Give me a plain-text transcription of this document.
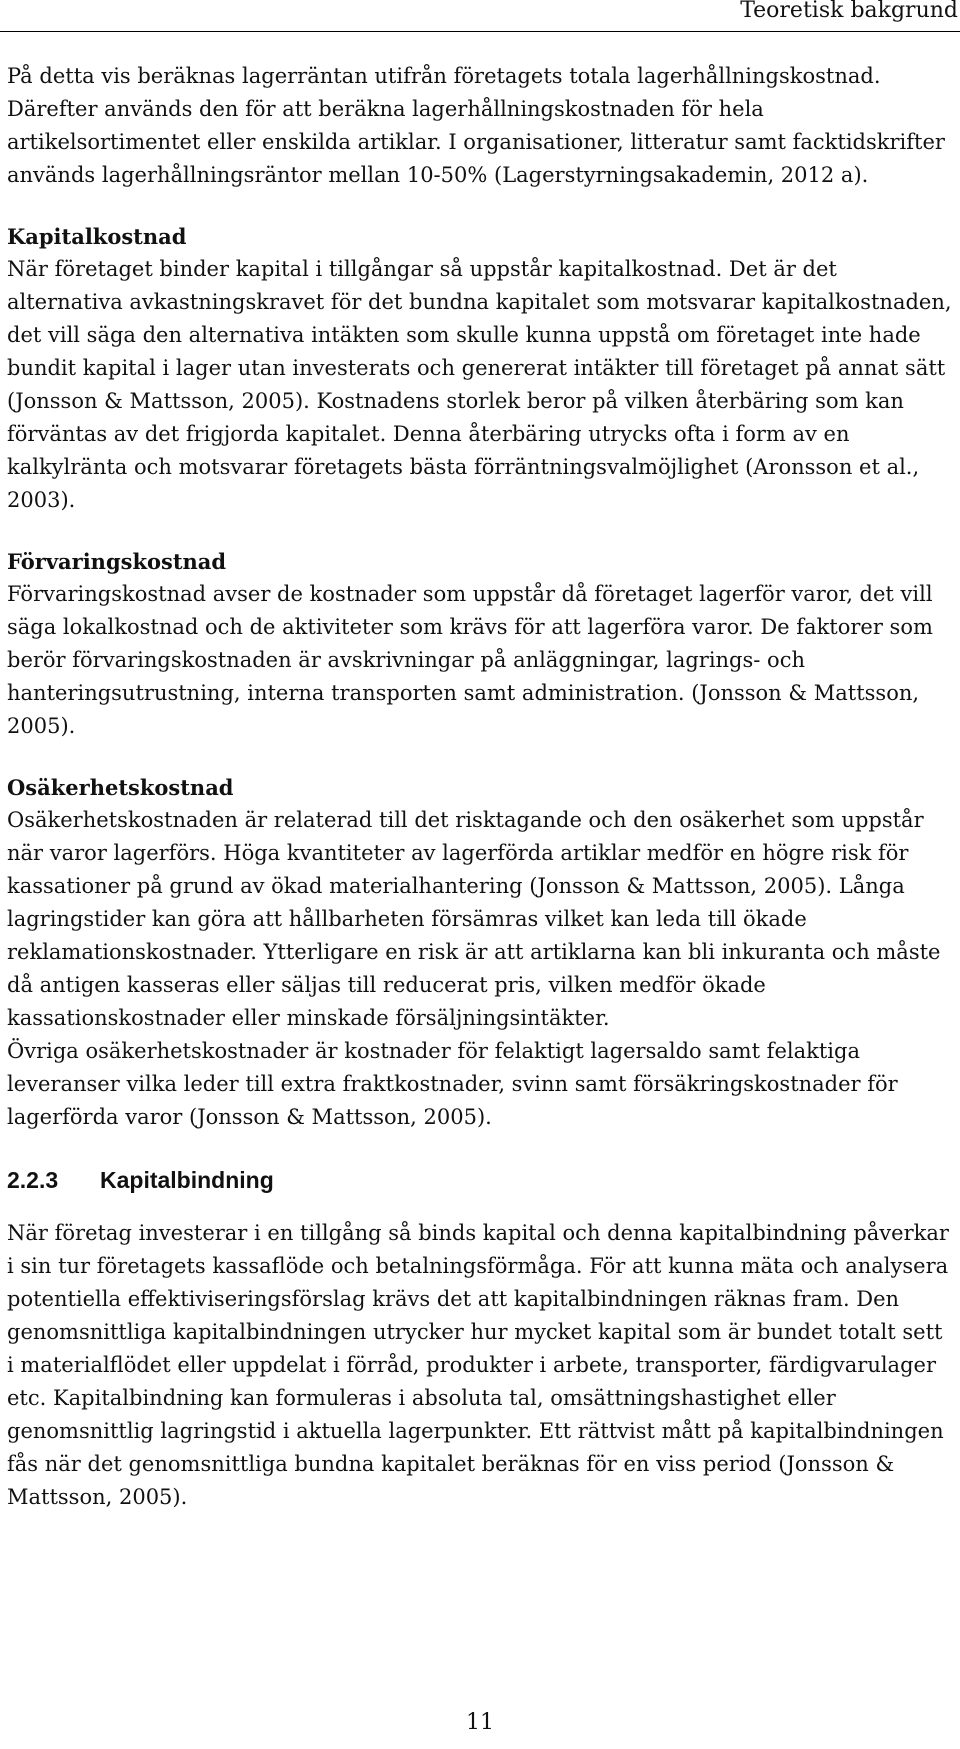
Teoretisk bakgrund

På detta vis beräknas lagerräntan utifrån företagets totala lagerhållningskostnad. Därefter används den för att beräkna lagerhållningskostnaden för hela artikelsortimentet eller enskilda artiklar. I organisationer, litteratur samt facktidskrifter används lagerhållningsräntor mellan 10-50% (Lagerstyrningsakademin, 2012 a).

Kapitalkostnad

När företaget binder kapital i tillgångar så uppstår kapitalkostnad. Det är det alternativa avkastningskravet för det bundna kapitalet som motsvarar kapitalkostnaden, det vill säga den alternativa intäkten som skulle kunna uppstå om företaget inte hade bundit kapital i lager utan investerats och genererat intäkter till företaget på annat sätt (Jonsson & Mattsson, 2005). Kostnadens storlek beror på vilken återbäring som kan förväntas av det frigjorda kapitalet. Denna återbäring utrycks ofta i form av en kalkylränta och motsvarar företagets bästa förräntningsvalmöjlighet (Aronsson et al., 2003).

Förvaringskostnad

Förvaringskostnad avser de kostnader som uppstår då företaget lagerför varor, det vill säga lokalkostnad och de aktiviteter som krävs för att lagerföra varor. De faktorer som berör förvaringskostnaden är avskrivningar på anläggningar, lagrings- och hanteringsutrustning, interna transporten samt administration. (Jonsson & Mattsson, 2005).

Osäkerhetskostnad

Osäkerhetskostnaden är relaterad till det risktagande och den osäkerhet som uppstår när varor lagerförs. Höga kvantiteter av lagerförda artiklar medför en högre risk för kassationer på grund av ökad materialhantering (Jonsson & Mattsson, 2005). Långa lagringstider kan göra att hållbarheten försämras vilket kan leda till ökade reklamationskostnader. Ytterligare en risk är att artiklarna kan bli inkuranta och måste då antigen kasseras eller säljas till reducerat pris, vilken medför ökade kassationskostnader eller minskade försäljningsintäkter.

Övriga osäkerhetskostnader är kostnader för felaktigt lagersaldo samt felaktiga leveranser vilka leder till extra fraktkostnader, svinn samt försäkringskostnader för lagerförda varor (Jonsson & Mattsson, 2005).

2.2.3	Kapitalbindning

När företag investerar i en tillgång så binds kapital och denna kapitalbindning påverkar i sin tur företagets kassaflöde och betalningsförmåga. För att kunna mäta och analysera potentiella effektiviseringsförslag krävs det att kapitalbindningen räknas fram. Den genomsnittliga kapitalbindningen utrycker hur mycket kapital som är bundet totalt sett i materialflödet eller uppdelat i förråd, produkter i arbete, transporter, färdigvarulager etc. Kapitalbindning kan formuleras i absoluta tal, omsättningshastighet eller genomsnittlig lagringstid i aktuella lagerpunkter. Ett rättvist mått på kapitalbindningen fås när det genomsnittliga bundna kapitalet beräknas för en viss period (Jonsson & Mattsson, 2005).

11
